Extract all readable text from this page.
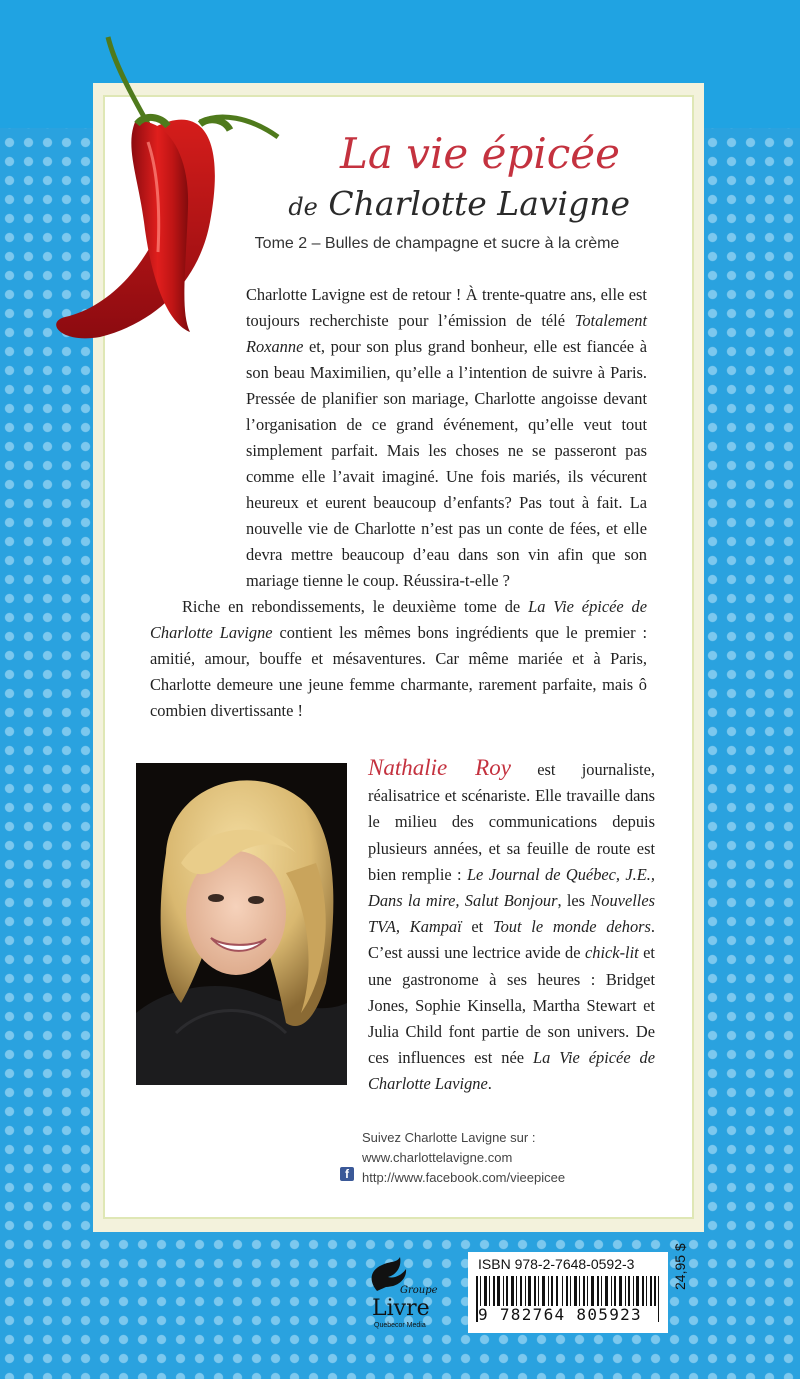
La vie épicée
de Charlotte Lavigne
Tome 2 – Bulles de champagne et sucre à la crème

Charlotte Lavigne est de retour ! À trente-quatre ans, elle est toujours recherchiste pour l’émission de télé Totalement Roxanne et, pour son plus grand bonheur, elle est fiancée à son beau Maximilien, qu’elle a l’intention de suivre à Paris. Pressée de planifier son mariage, Charlotte angoisse devant l’organisation de ce grand événement, qu’elle veut tout simplement parfait. Mais les choses ne se passeront pas comme elle l’avait imaginé. Une fois mariés, ils vécurent heureux et eurent beaucoup d’enfants? Pas tout à fait. La nouvelle vie de Charlotte n’est pas un conte de fées, et elle devra mettre beaucoup d’eau dans son vin afin que son mariage tienne le coup. Réussira-t-elle ?

Riche en rebondissements, le deuxième tome de La Vie épicée de Charlotte Lavigne contient les mêmes bons ingrédients que le premier : amitié, amour, bouffe et mésaventures. Car même mariée et à Paris, Charlotte demeure une jeune femme charmante, rarement parfaite, mais ô combien divertissante !

Nathalie Roy est journaliste, réalisatrice et scénariste. Elle travaille dans le milieu des communications depuis plusieurs années, et sa feuille de route est bien remplie : Le Journal de Québec, J.E., Dans la mire, Salut Bonjour, les Nouvelles TVA, Kampaï et Tout le monde dehors. C’est aussi une lectrice avide de chick-lit et une gastronome à ses heures : Bridget Jones, Sophie Kinsella, Martha Stewart et Julia Child font partie de son univers. De ces influences est née La Vie épicée de Charlotte Lavigne.
Suivez Charlotte Lavigne sur :
www.charlottelavigne.com
http://www.facebook.com/vieepicee
f
Groupe
Livre
Quebecor Media
ISBN 978-2-7648-0592-3
9 782764 805923
24,95 $
